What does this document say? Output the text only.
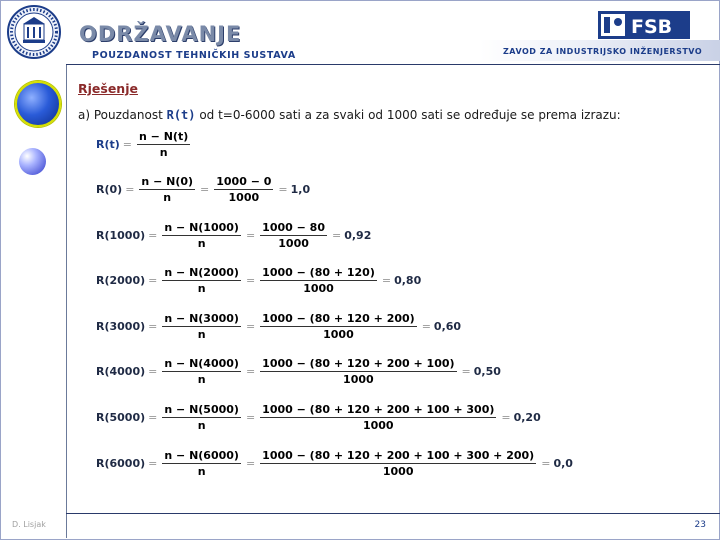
ODRŽAVANJE
POUZDANOST TEHNIČKIH SUSTAVA
FSB
ZAVOD ZA INDUSTRIJSKO INŽENJERSTVO
Rješenje
a) Pouzdanost R(t) od t=0-6000 sati a za svaki od 1000 sati se određuje se prema izrazu:
$R(t) = \frac{n - N(t)}{n}$
$R(0) = \frac{n - N(0)}{n} = \frac{1000 - 0}{1000} = 1,0$
$R(1000) = \frac{n - N(1000)}{n} = \frac{1000 - 80}{1000} = 0,92$
$R(2000) = \frac{n - N(2000)}{n} = \frac{1000 - (80 + 120)}{1000} = 0,80$
$R(3000) = \frac{n - N(3000)}{n} = \frac{1000 - (80 + 120 + 200)}{1000} = 0,60$
$R(4000) = \frac{n - N(4000)}{n} = \frac{1000 - (80 + 120 + 200 + 100)}{1000} = 0,50$
$R(5000) = \frac{n - N(5000)}{n} = \frac{1000 - (80 + 120 + 200 + 100 + 300)}{1000} = 0,20$
$R(6000) = \frac{n - N(6000)}{n} = \frac{1000 - (80 + 120 + 200 + 100 + 300 + 200)}{1000} = 0,0$
D. Lisjak	23
